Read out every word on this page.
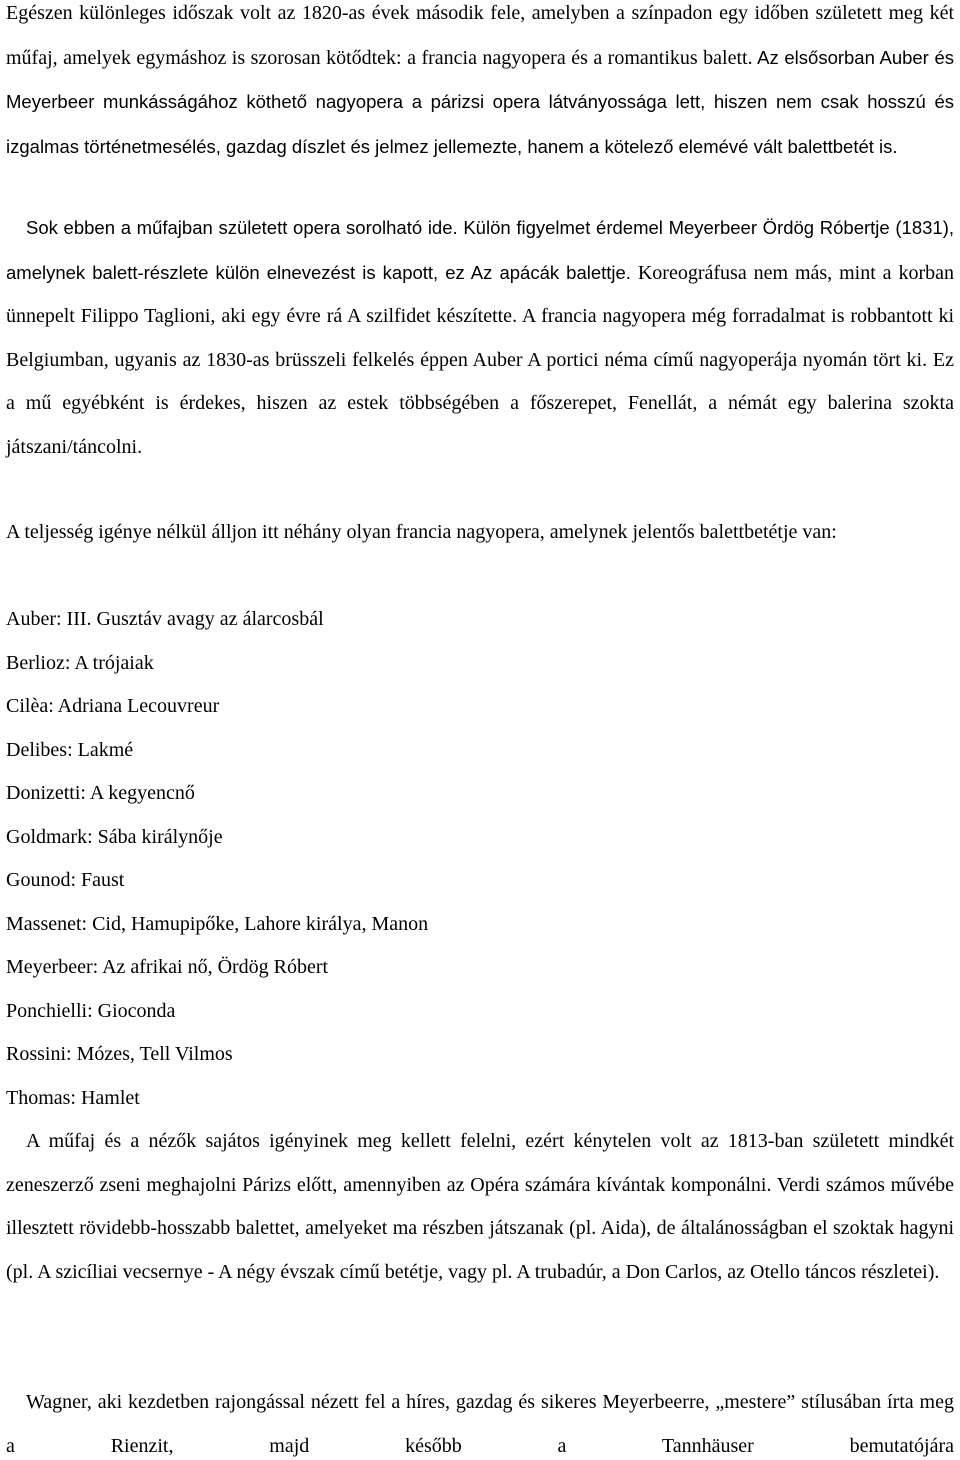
Egészen különleges időszak volt az 1820-as évek második fele, amelyben a színpadon egy időben született meg két műfaj, amelyek egymáshoz is szorosan kötődtek: a francia nagyopera és a romantikus balett. Az elsősorban Auber és Meyerbeer munkásságához köthető nagyopera a párizsi opera látványossága lett, hiszen nem csak hosszú és izgalmas történetmesélés, gazdag díszlet és jelmez jellemezte, hanem a kötelező elemévé vált balettbetét is.

Sok ebben a műfajban született opera sorolható ide. Külön figyelmet érdemel Meyerbeer Ördög Róbertje (1831), amelynek balett-részlete külön elnevezést is kapott, ez Az apácák balettje. Koreográfusa nem más, mint a korban ünnepelt Filippo Taglioni, aki egy évre rá A szilfidet készítette. A francia nagyopera még forradalmat is robbantott ki Belgiumban, ugyanis az 1830-as brüsszeli felkelés éppen Auber A portici néma című nagyoperája nyomán tört ki. Ez a mű egyébként is érdekes, hiszen az estek többségében a főszerepet, Fenellát, a némát egy balerina szokta játszani/táncolni.

A teljesség igénye nélkül álljon itt néhány olyan francia nagyopera, amelynek jelentős balettbetétje van:

Auber: III. Gusztáv avagy az álarcosbál
Berlioz: A trójaiak
Cilèa: Adriana Lecouvreur
Delibes: Lakmé
Donizetti: A kegyencnő
Goldmark: Sába királynője
Gounod: Faust
Massenet: Cid, Hamupipőke, Lahore királya, Manon
Meyerbeer: Az afrikai nő, Ördög Róbert
Ponchielli: Gioconda
Rossini: Mózes, Tell Vilmos
Thomas: Hamlet

A műfaj és a nézők sajátos igényinek meg kellett felelni, ezért kénytelen volt az 1813-ban született mindkét zeneszerző zseni meghajolni Párizs előtt, amennyiben az Opéra számára kívántak komponálni. Verdi számos művébe illesztett rövidebb-hosszabb balettet, amelyeket ma részben játszanak (pl. Aida), de általánosságban el szoktak hagyni (pl. A szicíliai vecsernye - A négy évszak című betétje, vagy pl. A trubadúr, a Don Carlos, az Otello táncos részletei).

Wagner, aki kezdetben rajongással nézett fel a híres, gazdag és sikeres Meyerbeerre, „mestere” stílusában írta meg a Rienzit, majd később a Tannhäuser bemutatójára
